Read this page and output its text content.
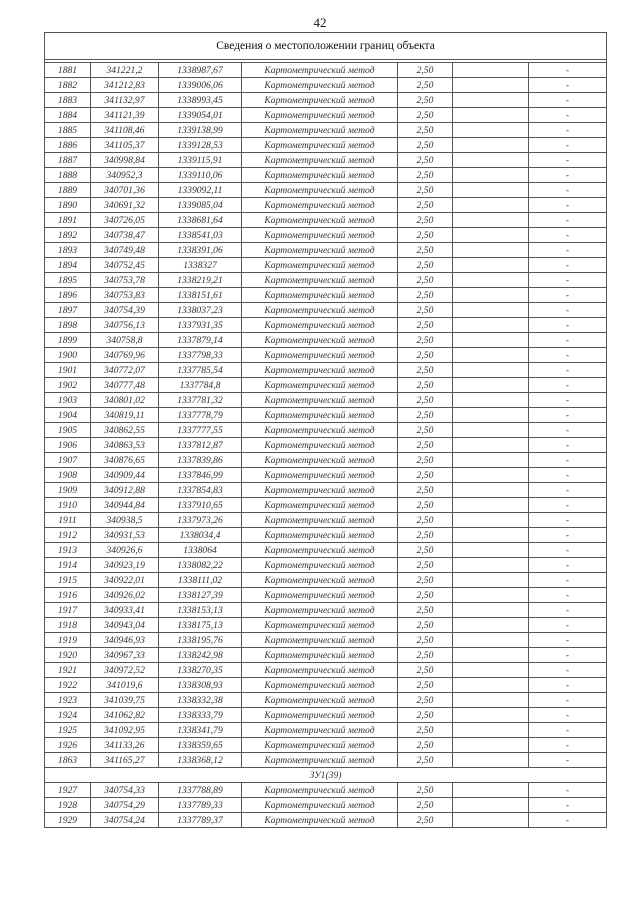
42
Сведения о местоположении границ объекта						

1881	341221,2	1338987,67	Картометрический метод	2,50		-
1882	341212,83	1339006,06	Картометрический метод	2,50		-
1883	341132,97	1338993,45	Картометрический метод	2,50		-
1884	341121,39	1339054,01	Картометрический метод	2,50		-
1885	341108,46	1339138,99	Картометрический метод	2,50		-
1886	341105,37	1339128,53	Картометрический метод	2,50		-
1887	340998,84	1339115,91	Картометрический метод	2,50		-
1888	340952,3	1339110,06	Картометрический метод	2,50		-
1889	340701,36	1339092,11	Картометрический метод	2,50		-
1890	340691,32	1339085,04	Картометрический метод	2,50		-
1891	340726,05	1338681,64	Картометрический метод	2,50		-
1892	340738,47	1338541,03	Картометрический метод	2,50		-
1893	340749,48	1338391,06	Картометрический метод	2,50		-
1894	340752,45	1338327	Картометрический метод	2,50		-
1895	340753,78	1338219,21	Картометрический метод	2,50		-
1896	340753,83	1338151,61	Картометрический метод	2,50		-
1897	340754,39	1338037,23	Картометрический метод	2,50		-
1898	340756,13	1337931,35	Картометрический метод	2,50		-
1899	340758,8	1337879,14	Картометрический метод	2,50		-
1900	340769,96	1337798,33	Картометрический метод	2,50		-
1901	340772,07	1337785,54	Картометрический метод	2,50		-
1902	340777,48	1337784,8	Картометрический метод	2,50		-
1903	340801,02	1337781,32	Картометрический метод	2,50		-
1904	340819,11	1337778,79	Картометрический метод	2,50		-
1905	340862,55	1337777,55	Картометрический метод	2,50		-
1906	340863,53	1337812,87	Картометрический метод	2,50		-
1907	340876,65	1337839,86	Картометрический метод	2,50		-
1908	340909,44	1337846,99	Картометрический метод	2,50		-
1909	340912,88	1337854,83	Картометрический метод	2,50		-
1910	340944,84	1337910,65	Картометрический метод	2,50		-
1911	340938,5	1337973,26	Картометрический метод	2,50		-
1912	340931,53	1338034,4	Картометрический метод	2,50		-
1913	340926,6	1338064	Картометрический метод	2,50		-
1914	340923,19	1338082,22	Картометрический метод	2,50		-
1915	340922,01	1338111,02	Картометрический метод	2,50		-
1916	340926,02	1338127,39	Картометрический метод	2,50		-
1917	340933,41	1338153,13	Картометрический метод	2,50		-
1918	340943,04	1338175,13	Картометрический метод	2,50		-
1919	340946,93	1338195,76	Картометрический метод	2,50		-
1920	340967,33	1338242,98	Картометрический метод	2,50		-
1921	340972,52	1338270,35	Картометрический метод	2,50		-
1922	341019,6	1338308,93	Картометрический метод	2,50		-
1923	341039,75	1338332,38	Картометрический метод	2,50		-
1924	341062,82	1338333,79	Картометрический метод	2,50		-
1925	341092,95	1338341,79	Картометрический метод	2,50		-
1926	341133,26	1338359,65	Картометрический метод	2,50		-
1863	341165,27	1338368,12	Картометрический метод	2,50		-
ЗУ1(39)						
1927	340754,33	1337788,89	Картометрический метод	2,50		-
1928	340754,29	1337789,33	Картометрический метод	2,50		-
1929	340754,24	1337789,37	Картометрический метод	2,50		-
